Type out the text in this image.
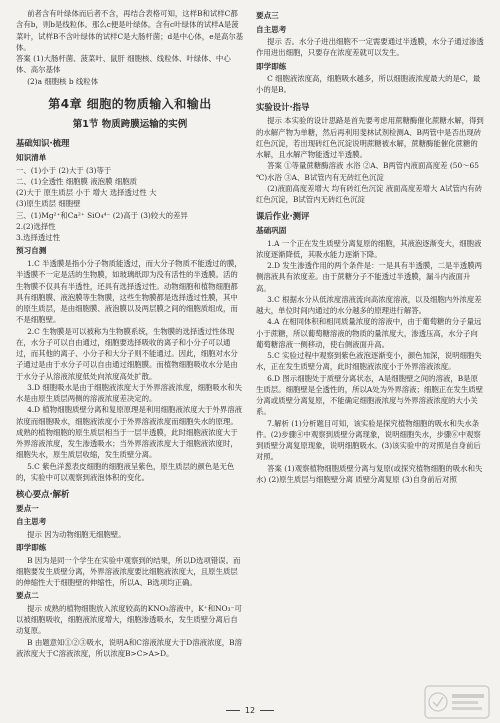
前者含有叶绿体而后者不含，再结合表格可知，这样B和试样C都含有b，则b是线粒体。那么c便是叶绿体。含有c叶绿体的试样A是菠菜叶，试样B不含叶绿体的试样C是大肠杆菌；d是中心体，e是高尔基体。

答案 (1)大肠杆菌、菠菜叶、鼠肝 细胞核、线粒体、叶绿体、中心体、高尔基体

(2)a 细胞核 b 线粒体

第4章 细胞的物质输入和输出
第1节 物质跨膜运输的实例
基础知识·梳理
知识清单

一、(1)小于 (2)大于 (3)等于

二、(1)全透性 细胞膜 液泡膜 细胞质

(2)大于 原生质层 小于 增大 选择透过性 大

(3)原生质层 细胞壁

三、(1)Mg²⁺和Ca²⁺ SiO₄⁴⁻ (2)高于 (3)较大的差异

2.(2)选择性

3.选择透过性

预习自测

1.C 半透膜是指小分子物质能透过，而大分子物质不能透过的膜，半透膜不一定是活的生物膜，如玻璃纸即为没有活性的半透膜。活的生物膜不仅具有半透性，还具有选择透过性。动物细胞和植物细胞都具有细胞膜、液泡膜等生物膜，这些生物膜都是选择透过性膜，其中的原生质层，是由细胞膜、液泡膜以及两层膜之间的细胞质组成，而不是细胞壁。

2.C 生物膜是可以被称为生物膜系统，生物膜的选择透过性体现在，水分子可以自由通过，细胞要选择吸收的离子和小分子可以通过，而其他的离子、小分子和大分子则不能通过。因此，细胞对水分子通过是由于水分子可以自由通过细胞膜。而植物细胞吸收水分是由于水分子从溶液浓度低处向浓度高处扩散。

3.D 细胞吸水是由于细胞液浓度大于外界溶液浓度，细胞吸水和失水是由原生质层两侧的溶液浓度差决定的。

4.D 植物细胞质壁分离和复原原理是利用细胞液浓度大于外界溶液浓度而细胞吸水，细胞液浓度小于外界溶液浓度而细胞失水的原理。成熟的植物细胞的原生质层相当于一层半透膜，此时细胞液浓度大于外界溶液浓度，发生渗透吸水；当外界溶液浓度大于细胞液浓度时，细胞失水，原生质层收缩，发生质壁分离。

5.C 紫色洋葱表皮细胞的细胞液呈紫色，原生质层的颜色是无色的，实验中可以观察到液泡体积的变化。

核心要点·解析
要点一
自主思考

提示 因为动物细胞无细胞壁。

即学即练

B 因为是同一个学生在实验中观察到的结果，所以D选项错误。而细胞要发生质壁分离，外界溶液浓度要比细胞液浓度大，且原生质层的伸缩性大于细胞壁的伸缩性，所以A、B选项均正确。

要点二

提示 成熟的植物细胞放入浓度较高的KNO₃溶液中，K⁺和NO₃⁻可以被细胞吸收，细胞液浓度增大，细胞渗透吸水，发生质壁分离后自动复原。

B 由题意知①②③吸水，说明A和C溶液浓度大于D溶液浓度，B溶液浓度大于C溶液浓度，所以浓度B>C>A>D。

要点三
自主思考

提示 否。水分子进出细胞不一定需要通过半透膜，水分子通过渗透作用进出细胞，只要存在浓度差就可以发生。

即学即练

C 细胞液浓度高，细胞吸水越多，所以细胞液浓度最大的是C，最小的是B。

实验设计·指导

提示 本实验的设计思路是首先要考虑用蔗糖酶催化蔗糖水解，得到的水解产物为单糖，然后再利用斐林试剂检测A、B两管中是否出现砖红色沉淀，若出现砖红色沉淀说明蔗糖被水解，蔗糖酶能催化蔗糖的水解，且水解产物能透过半透膜。

答案 ①等量蔗糖酶溶液 水浴 ②A、B两管内液面高度差 (50～65 ℃)水浴 ③A、B试管内有无砖红色沉淀

(2)液面高度差增大 均有砖红色沉淀 液面高度差增大 A试管内有砖红色沉淀，B试管内无砖红色沉淀

课后作业·测评
基础巩固

1.A 一个正在发生质壁分离复原的细胞，其液泡逐渐变大，细胞液浓度逐渐降低，其吸水能力逐渐下降。

2.D 发生渗透作用的两个条件是：一是具有半透膜，二是半透膜两侧溶液具有浓度差。由于蔗糖分子不能透过半透膜，漏斗内液面升高。

3.C 根据水分从低浓度溶液流向高浓度溶液，以及细胞内外浓度差越大，单位时间内通过的水分越多的原理进行解答。

4.A 在相同体积和相同质量浓度的溶液中，由于葡萄糖的分子量远小于蔗糖，所以葡萄糖溶液的物质的量浓度大，渗透压高，水分子向葡萄糖溶液一侧移动，使右侧液面升高。

5.C 实验过程中观察到紫色液泡逐渐变小，颜色加深，说明细胞失水，正在发生质壁分离，此时细胞液浓度小于外界溶液浓度。

6.D 图示细胞处于质壁分离状态，A是细胞壁之间的溶液，B是原生质层。细胞壁是全透性的，所以A处为外界溶液；细胞正在发生质壁分离或质壁分离复原，不能确定细胞液浓度与外界溶液浓度的大小关系。

7.解析 (1)分析题目可知，该实验是探究植物细胞的吸水和失水条件。(2)步骤④中观察到质壁分离现象，说明细胞失水，步骤⑥中观察到质壁分离复原现象，说明细胞吸水。(3)该实验中的对照是自身前后对照。

答案 (1)观察植物细胞质壁分离与复原(或探究植物细胞的吸水和失水) (2)原生质层与细胞壁分离 质壁分离复原 (3)自身前后对照

12
